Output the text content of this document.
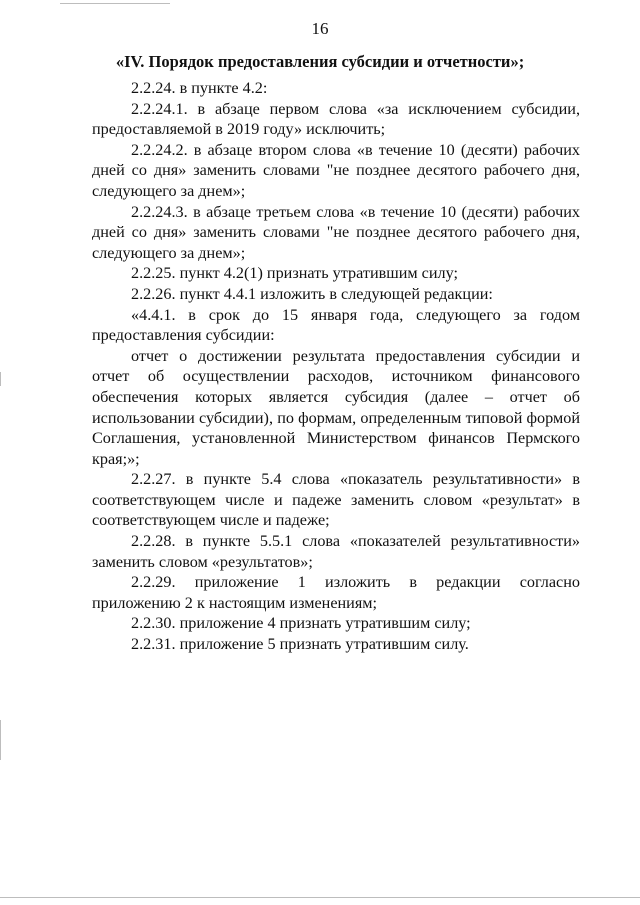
16
«IV. Порядок предоставления субсидии и отчетности»;

2.2.24. в пункте 4.2:

2.2.24.1. в абзаце первом слова «за исключением субсидии, предоставляемой в 2019 году» исключить;

2.2.24.2. в абзаце втором слова «в течение 10 (десяти) рабочих дней со дня» заменить словами "не позднее десятого рабочего дня, следующего за днем»;

2.2.24.3. в абзаце третьем слова «в течение 10 (десяти) рабочих дней со дня» заменить словами "не позднее десятого рабочего дня, следующего за днем»;

2.2.25. пункт 4.2(1) признать утратившим силу;

2.2.26. пункт 4.4.1 изложить в следующей редакции:

«4.4.1. в срок до 15 января года, следующего за годом предоставления субсидии:

отчет о достижении результата предоставления субсидии и отчет об осуществлении расходов, источником финансового обеспечения которых является субсидия (далее – отчет об использовании субсидии), по формам, определенным типовой формой Соглашения, установленной Министерством финансов Пермского края;»;

2.2.27. в пункте 5.4 слова «показатель результативности» в соответствующем числе и падеже заменить словом «результат» в соответствующем числе и падеже;

2.2.28. в пункте 5.5.1 слова «показателей результативности» заменить словом «результатов»;

2.2.29. приложение 1 изложить в редакции согласно приложению 2 к настоящим изменениям;

2.2.30. приложение 4 признать утратившим силу;

2.2.31. приложение 5 признать утратившим силу.
